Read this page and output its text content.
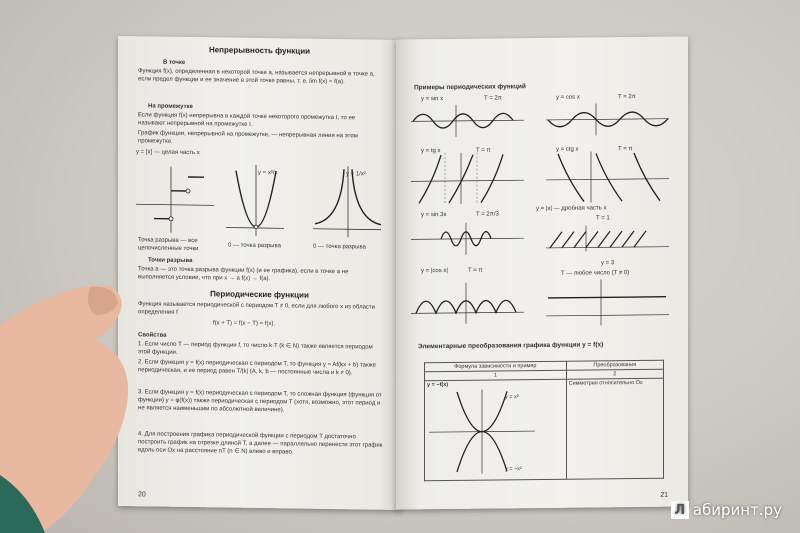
Непрерывность функции
В точке
Функция f(x), определенная в некоторой точке a, называется непрерывной в точке a, если предел функции и ее значение в этой точке равны, т. е. lim f(x) = f(a).
На промежутке
Если функция f(x) непрерывна в каждой точке некоторого промежутка I, то ее называют непрерывной на промежутке I.
График функции, непрерывной на промежутке, — непрерывная линия на этом промежутке.
y = [x] — целая часть x
y = x²/x	y = 1/x²
Точка разрыва — все целочисленные точки	0 — точка разрыва	0 — точка разрыва
Точки разрыва
Точка a — это точка разрыва функции f(x) (и ее графика), если в точке a не выполняется условие, что при x → a f(x) → f(a).
Периодические функции
Функция называется периодической с периодом T ≠ 0, если для любого x из области определения f
f(x + T) = f(x − T) = f(x).
Свойства
1. Если число T — период функции f, то число k·T (k ∈ N) также является периодом этой функции.
2. Если функция y = f(x) периодическая с периодом T, то функция y = Af(kx + b) также периодическая, и ее период равен T/|k| (A, k, b — постоянные числа и k ≠ 0).
3. Если функция y = f(x) периодическая с периодом T, то сложная функция (функция от функции) y = φ(f(x)) также периодическая с периодом T (хотя, возможно, этот период и не является наименьшим по абсолютной величине).
4. Для построения графика периодической функции с периодом T достаточно построить график на отрезке длиной T, а далее — параллельно перенести этот график вдоль оси Ox на расстояние nT (n ∈ N) влево и вправо.
20
Примеры периодических функций
y = sin x	T = 2π	y = cos x	T = 2π
y = tg x	T = π	y = ctg x	T = π
y = sin 3x	T = 2π/3
y = |x| — дробная часть x
T = 1
y = |cos x|	T = π
y = 3
T — любое число (T ≠ 0)
Элементарные преобразования графика функции y = f(x)
Формула зависимости и пример	Преобразования
1	2

y = −f(x)
y = x²
y = −x²	Симметрия относительно Ox
21
Л абиринт.ру
